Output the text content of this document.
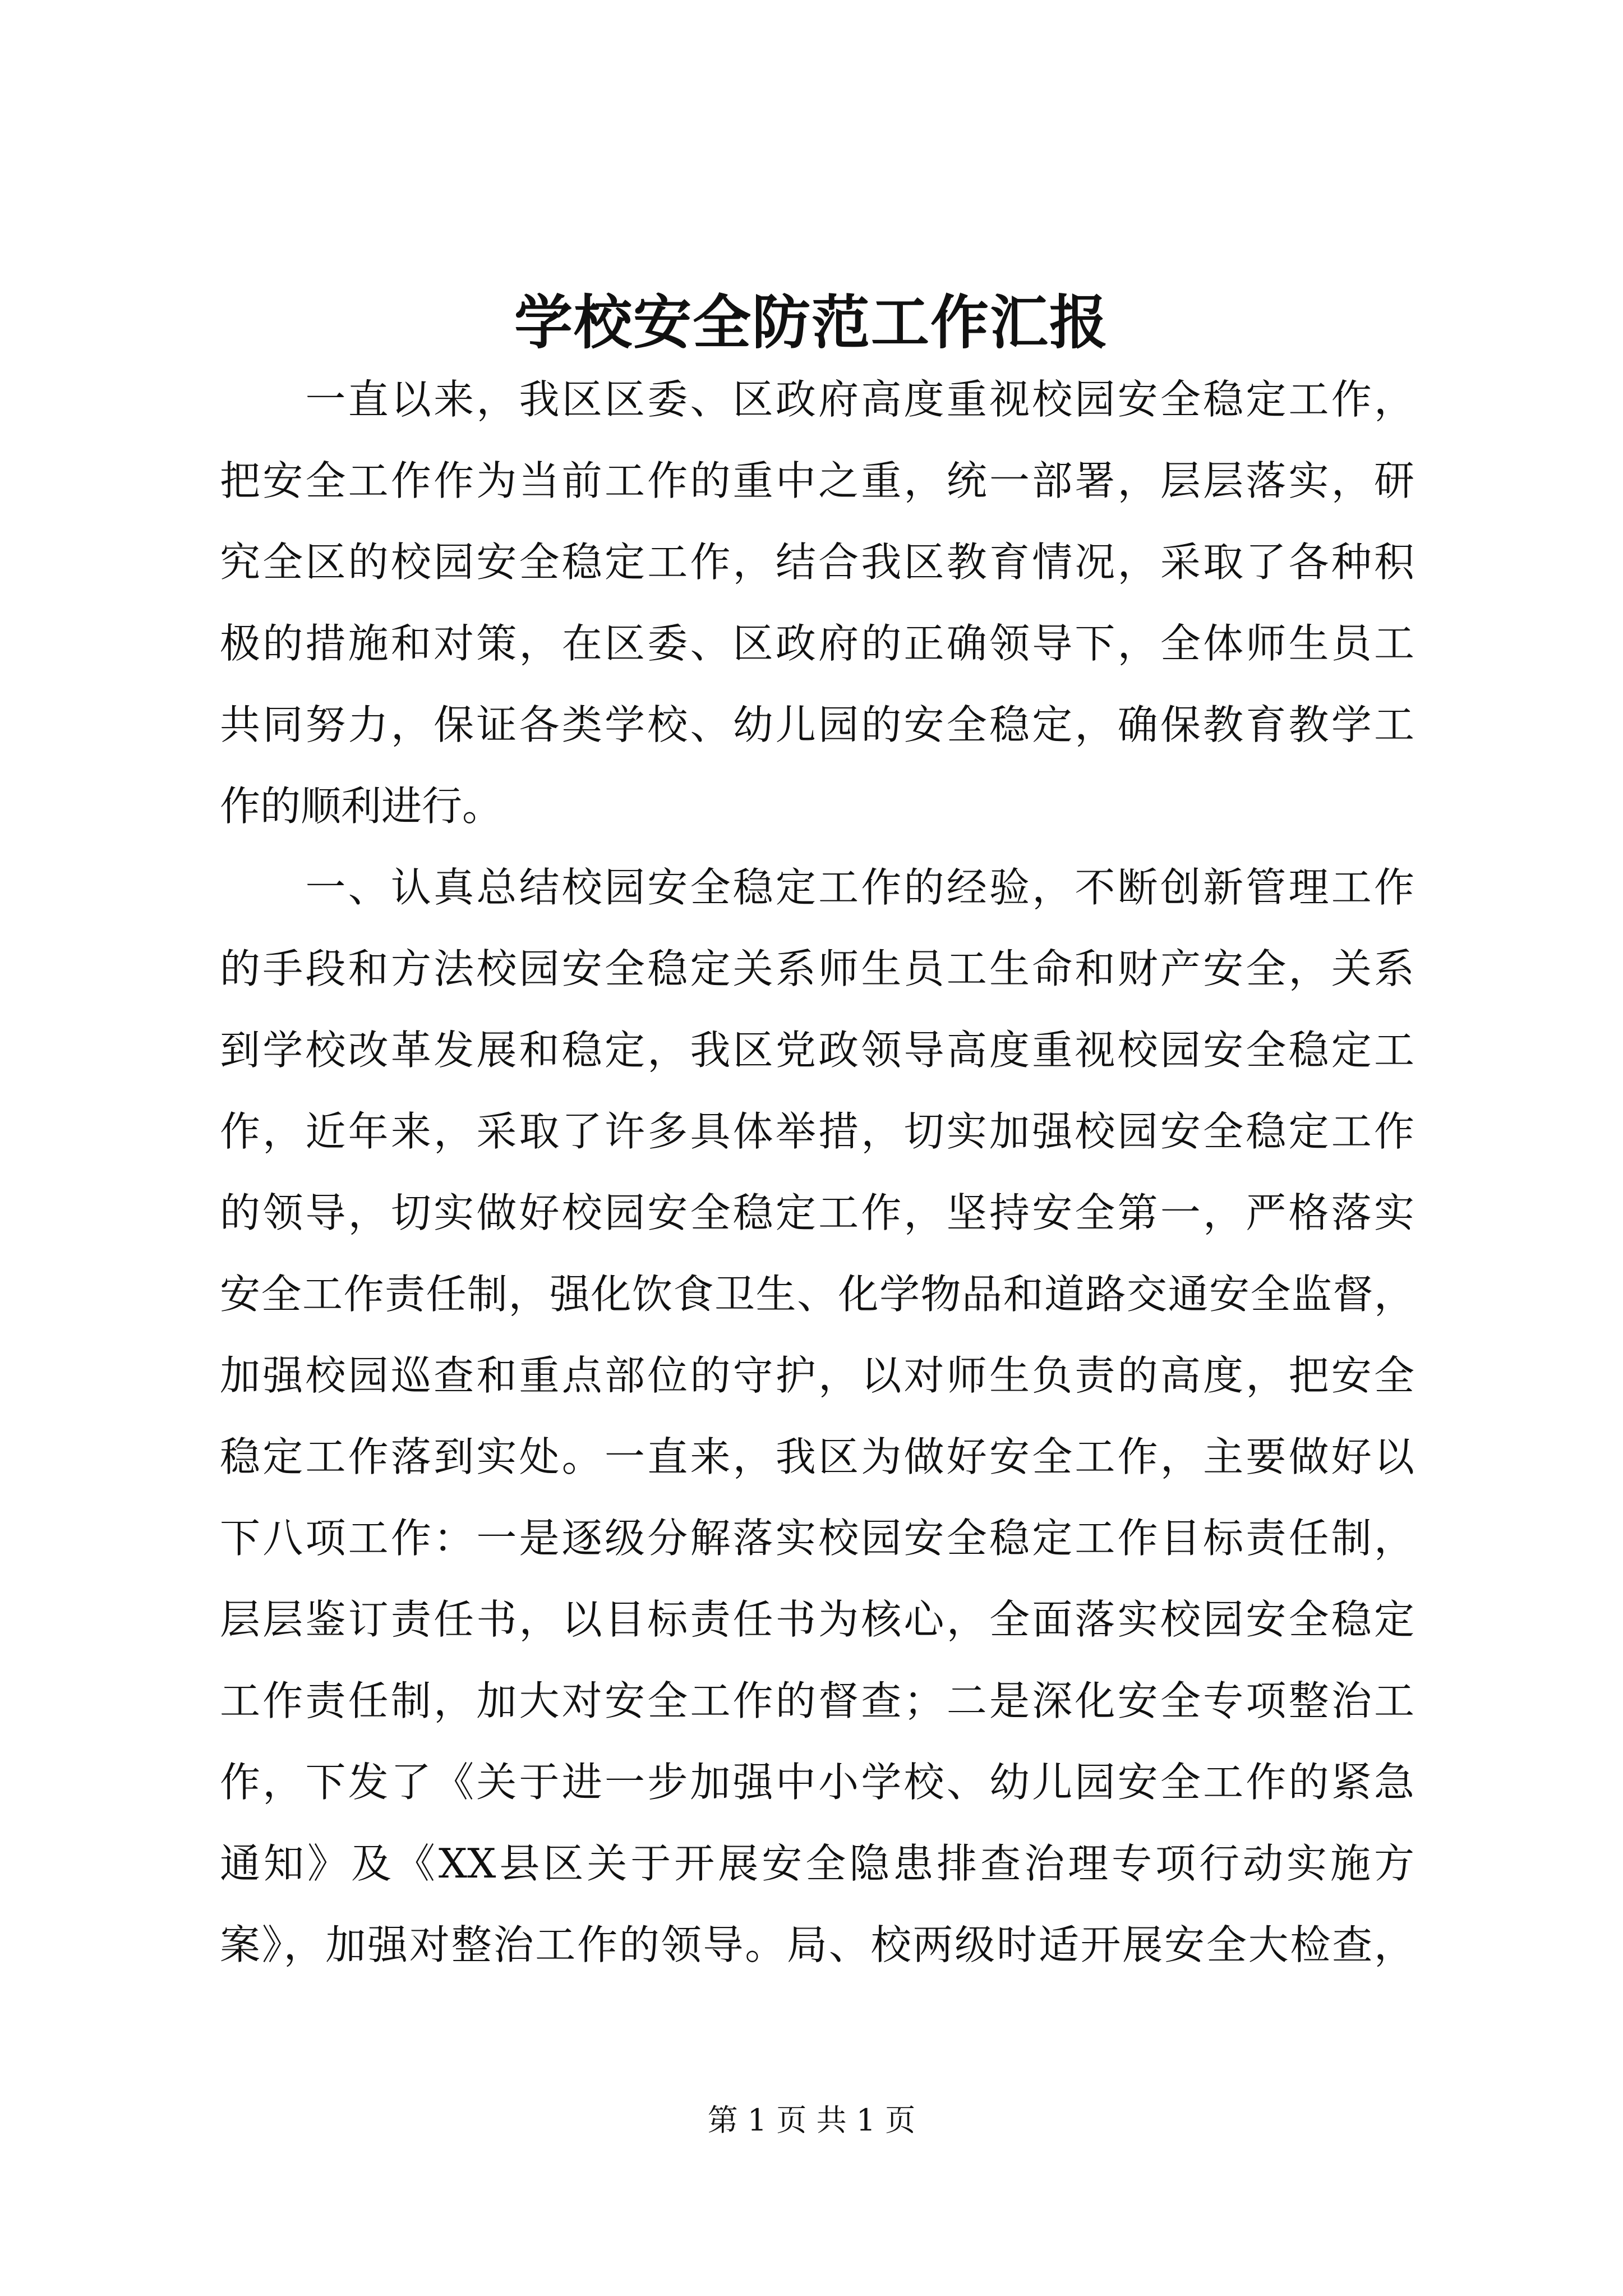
学校安全防范工作汇报
　　一直以来，我区区委、区政府高度重视校园安全稳定工作，
把安全工作作为当前工作的重中之重，统一部署，层层落实，研
究全区的校园安全稳定工作，结合我区教育情况，采取了各种积
极的措施和对策，在区委、区政府的正确领导下，全体师生员工
共同努力，保证各类学校、幼儿园的安全稳定，确保教育教学工
作的顺利进行。
　　一、认真总结校园安全稳定工作的经验，不断创新管理工作
的手段和方法校园安全稳定关系师生员工生命和财产安全，关系
到学校改革发展和稳定，我区党政领导高度重视校园安全稳定工
作，近年来，采取了许多具体举措，切实加强校园安全稳定工作
的领导，切实做好校园安全稳定工作，坚持安全第一，严格落实
安全工作责任制，强化饮食卫生、化学物品和道路交通安全监督，
加强校园巡查和重点部位的守护，以对师生负责的高度，把安全
稳定工作落到实处。一直来，我区为做好安全工作，主要做好以
下八项工作：一是逐级分解落实校园安全稳定工作目标责任制，
层层鉴订责任书，以目标责任书为核心，全面落实校园安全稳定
工作责任制，加大对安全工作的督查；二是深化安全专项整治工
作，下发了《关于进一步加强中小学校、幼儿园安全工作的紧急
通知》及《XX县区关于开展安全隐患排查治理专项行动实施方
案》，加强对整治工作的领导。局、校两级时适开展安全大检查，
第 1 页 共 1 页
